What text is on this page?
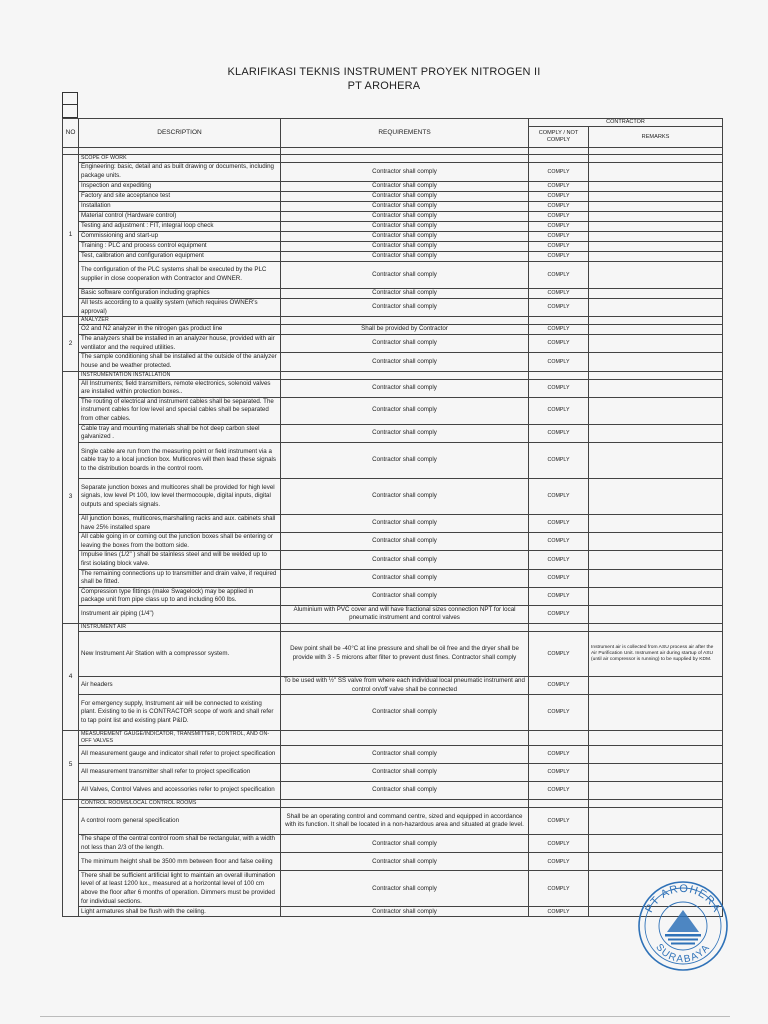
KLARIFIKASI TEKNIS INSTRUMENT PROYEK NITROGEN II
PT AROHERA
NO	DESCRIPTION	REQUIREMENTS	CONTRACTOR	
			COMPLY / NOT COMPLY	REMARKS

1	SCOPE OF WORK			
	Engineering: basic, detail and as built drawing or documents, including package units.	Contractor shall comply	COMPLY	
	Inspection and expediting	Contractor shall comply	COMPLY	
	Factory and site acceptance test	Contractor shall comply	COMPLY	
	Installation	Contractor shall comply	COMPLY	
	Material control (Hardware control)	Contractor shall comply	COMPLY	
	Testing and adjustment : FIT, integral loop check	Contractor shall comply	COMPLY	
	Commissioning and start-up	Contractor shall comply	COMPLY	
	Training : PLC and process control equipment	Contractor shall comply	COMPLY	
	Test, calibration and configuration equipment	Contractor shall comply	COMPLY	
	The configuration of the PLC systems shall be executed by the PLC supplier in close cooperation with Contractor and OWNER.	Contractor shall comply	COMPLY	
	Basic software configuration including graphics	Contractor shall comply	COMPLY	
	All tests according to a quality system (which requires OWNER's approval)	Contractor shall comply	COMPLY	
2	ANALYZER			
	O2 and N2 analyzer in the nitrogen gas product line	Shall be provided by Contractor	COMPLY	
	The analyzers shall be installed in an analyzer house, provided with air ventilator and the required utilities.	Contractor shall comply	COMPLY	
	The sample conditioning shall be installed at the outside of the analyzer house and be weather protected.	Contractor shall comply	COMPLY	
3	INSTRUMENTATION INSTALLATION			
	All Instruments; field transmitters, remote electronics, solenoid valves are installed within protection boxes..	Contractor shall comply	COMPLY	
	The routing of electrical and instrument cables shall be separated. The instrument cables for low level and special cables shall be separated from other cables.	Contractor shall comply	COMPLY	
	Cable tray and mounting materials shall be hot deep carbon steel galvanized .	Contractor shall comply	COMPLY	
	Single cable are run from the measuring point or field instrument via a cable tray to a local junction box. Multicores will then lead these signals to the distribution boards in the control room.	Contractor shall comply	COMPLY	
	Separate junction boxes and multicores shall be provided for high level signals, low level Pt 100, low level thermocouple, digital inputs, digital outputs and specials signals.	Contractor shall comply	COMPLY	
	All junction boxes, multicores,marshalling racks and aux. cabinets shall have 25% installed spare	Contractor shall comply	COMPLY	
	All cable going in or coming out the junction boxes shall be entering or leaving the boxes from the bottom side.	Contractor shall comply	COMPLY	
	Impulse lines (1/2" ) shall be stainless steel and will be welded up to first isolating block valve.	Contractor shall comply	COMPLY	
	The remaining connections up to transmitter and drain valve, if required shall be fitted.	Contractor shall comply	COMPLY	
	Compression type fittings (make Swagelock) may be applied in package unit from pipe class up to and including 600 lbs.	Contractor shall comply	COMPLY	
	Instrument air piping (1/4")	Aluminium with PVC cover and will have fractional sizes connection NPT for local pneumatic instrument and control valves	COMPLY	
4	INSTRUMENT AIR			
	New Instrument Air Station with a compressor system.	Dew point shall be -40°C at line pressure and shall be oil free and the dryer shall be provide with 3 - 5 microns after filter to prevent dust fines. Contractor shall comply	COMPLY	Instrument air is collected from ASU process air after the Air Purification Unit. Instrument air during startup of ASU (until air compressor is running) to be supplied by KDM.
	Air headers	To be used with ½" SS valve from where each individual local pneumatic instrument and control on/off valve shall be connected	COMPLY	
	For emergency supply, Instrument air will be connected to existing plant. Existing to tie in is CONTRACTOR scope of work and shall refer to tap point list and existing plant P&ID.	Contractor shall comply	COMPLY	
5	MEASUREMENT GAUGE/INDICATOR, TRANSMITTER, CONTROL, AND ON-OFF VALVES			
	All measurement gauge and indicator shall refer to project specification	Contractor shall comply	COMPLY	
	All measurement transmitter shall refer to project specification	Contractor shall comply	COMPLY	
	All Valves, Control Valves and accessories refer to project specification	Contractor shall comply	COMPLY	
	CONTROL ROOMS/LOCAL CONTROL ROOMS			
	A control room general specification	Shall be an operating control and command centre, sized and equipped in accordance with its function. It shall be located in a non-hazardous area and situated at grade level.	COMPLY	
	The shape of the central control room shall be rectangular, with a width not less than 2/3 of the length.	Contractor shall comply	COMPLY	
	The minimum height shall be 3500 mm between floor and false ceiling	Contractor shall comply	COMPLY	
	There shall be sufficient artificial light to maintain an overall illumination level of at least 1200 lux., measured at a horizontal level of 100 cm above the floor after 6 months of operation. Dimmers must be provided for individual sections.	Contractor shall comply	COMPLY	
	Light armatures shall be flush with the ceiling.	Contractor shall comply	COMPLY		PT AROHERA
SURABAYA
